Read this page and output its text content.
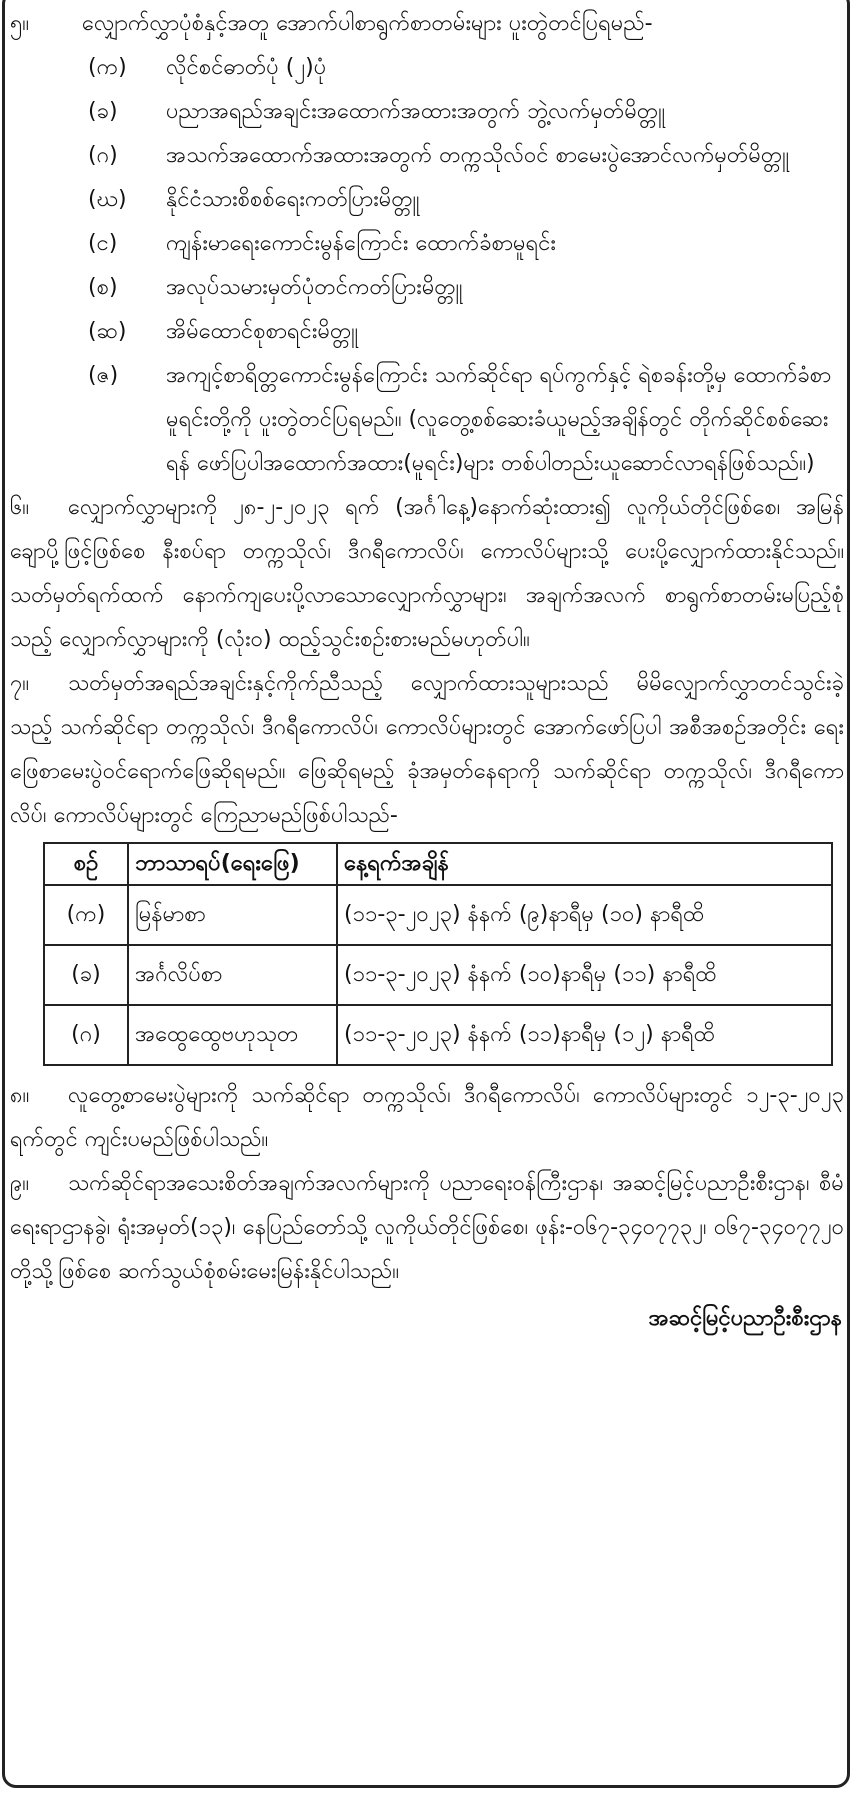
၅။	လျှောက်လွှာပုံစံနှင့်အတူ အောက်ပါစာရွက်စာတမ်းများ ပူးတွဲတင်ပြရမည်-
(က)	လိုင်စင်ဓာတ်ပုံ (၂)ပုံ
(ခ)	ပညာအရည်အချင်းအထောက်အထားအတွက် ဘွဲ့လက်မှတ်မိတ္တူ
(ဂ)	အသက်အထောက်အထားအတွက် တက္ကသိုလ်ဝင် စာမေးပွဲအောင်လက်မှတ်မိတ္တူ
(ဃ)	နိုင်ငံသားစိစစ်ရေးကတ်ပြားမိတ္တူ
(င)	ကျန်းမာရေးကောင်းမွန်ကြောင်း ထောက်ခံစာမူရင်း
(စ)	အလုပ်သမားမှတ်ပုံတင်ကတ်ပြားမိတ္တူ
(ဆ)	အိမ်ထောင်စုစာရင်းမိတ္တူ
(ဇ)	အကျင့်စာရိတ္တကောင်းမွန်ကြောင်း သက်ဆိုင်ရာ ရပ်ကွက်နှင့် ရဲစခန်းတို့မှ ထောက်ခံစာမူရင်းတို့ကို ပူးတွဲတင်ပြရမည်။ (လူတွေ့စစ်ဆေးခံယူမည့်အချိန်တွင် တိုက်ဆိုင်စစ်ဆေးရန် ဖော်ပြပါအထောက်အထား(မူရင်း)များ တစ်ပါတည်းယူဆောင်လာရန်ဖြစ်သည်။)
၆။ လျှောက်လွှာများကို ၂၈-၂-၂၀၂၃ ရက် (အင်္ဂါနေ့)နောက်ဆုံးထား၍ လူကိုယ်တိုင်ဖြစ်စေ၊ အမြန်ချောပို့ဖြင့်ဖြစ်စေ နီးစပ်ရာ တက္ကသိုလ်၊ ဒီဂရီကောလိပ်၊ ကောလိပ်များသို့ ပေးပို့လျှောက်ထားနိုင်သည်။ သတ်မှတ်ရက်ထက် နောက်ကျပေးပို့လာသောလျှောက်လွှာများ၊ အချက်အလက် စာရွက်စာတမ်းမပြည့်စုံသည့် လျှောက်လွှာများကို (လုံးဝ) ထည့်သွင်းစဉ်းစားမည်မဟုတ်ပါ။
၇။ သတ်မှတ်အရည်အချင်းနှင့်ကိုက်ညီသည့် လျှောက်ထားသူများသည် မိမိလျှောက်လွှာတင်သွင်းခဲ့သည့် သက်ဆိုင်ရာ တက္ကသိုလ်၊ ဒီဂရီကောလိပ်၊ ကောလိပ်များတွင် အောက်ဖော်ပြပါ အစီအစဉ်အတိုင်း ရေးဖြေစာမေးပွဲဝင်ရောက်ဖြေဆိုရမည်။ ဖြေဆိုရမည့် ခုံအမှတ်နေရာကို သက်ဆိုင်ရာ တက္ကသိုလ်၊ ဒီဂရီကောလိပ်၊ ကောလိပ်များတွင် ကြေညာမည်ဖြစ်ပါသည်-
စဉ်	ဘာသာရပ်(ရေးဖြေ)	နေ့ရက်အချိန်
(က)	မြန်မာစာ	(၁၁-၃-၂၀၂၃) နံနက် (၉)နာရီမှ (၁၀) နာရီထိ
(ခ)	အင်္ဂလိပ်စာ	(၁၁-၃-၂၀၂၃) နံနက် (၁၀)နာရီမှ (၁၁) နာရီထိ
(ဂ)	အထွေထွေဗဟုသုတ	(၁၁-၃-၂၀၂၃) နံနက် (၁၁)နာရီမှ (၁၂) နာရီထိ
၈။ လူတွေ့စာမေးပွဲများကို သက်ဆိုင်ရာ တက္ကသိုလ်၊ ဒီဂရီကောလိပ်၊ ကောလိပ်များတွင် ၁၂-၃-၂၀၂၃ ရက်တွင် ကျင်းပမည်ဖြစ်ပါသည်။
၉။ သက်ဆိုင်ရာအသေးစိတ်အချက်အလက်များကို ပညာရေးဝန်ကြီးဌာန၊ အဆင့်မြင့်ပညာဦးစီးဌာန၊ စီမံရေးရာဌာနခွဲ၊ ရုံးအမှတ်(၁၃)၊ နေပြည်တော်သို့ လူကိုယ်တိုင်ဖြစ်စေ၊ ဖုန်း-၀၆၇-၃၄၀၇၇၃၂၊ ၀၆၇-၃၄၀၇၇၂၀ တို့သို့ဖြစ်စေ ဆက်သွယ်စုံစမ်းမေးမြန်းနိုင်ပါသည်။
အဆင့်မြင့်ပညာဦးစီးဌာန
